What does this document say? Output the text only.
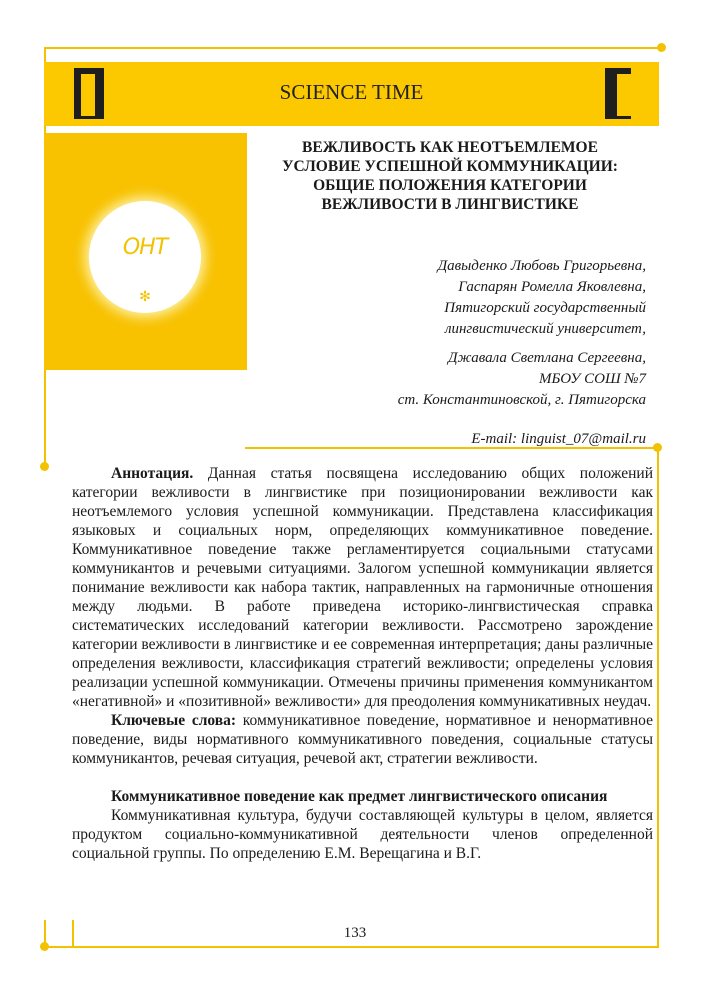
SCIENCE TIME
ОНТ
✻
ВЕЖЛИВОСТЬ КАК НЕОТЪЕМЛЕМОЕ
УСЛОВИЕ УСПЕШНОЙ КОММУНИКАЦИИ:
ОБЩИЕ ПОЛОЖЕНИЯ КАТЕГОРИИ
ВЕЖЛИВОСТИ В ЛИНГВИСТИКЕ
Давыденко Любовь Григорьевна,
Гаспарян Ромелла Яковлевна,
Пятигорский государственный
лингвистический университет,
Джавала Светлана Сергеевна,
МБОУ СОШ №7
ст. Константиновской, г. Пятигорска
E-mail: linguist_07@mail.ru

Аннотация. Данная статья посвящена исследованию общих положений категории вежливости в лингвистике при позиционировании вежливости как неотъемлемого условия успешной коммуникации. Представлена классификация языковых и социальных норм, определяющих коммуникативное поведение. Коммуникативное поведение также регламентируется социальными статусами коммуникантов и речевыми ситуациями. Залогом успешной коммуникации является понимание вежливости как набора тактик, направленных на гармоничные отношения между людьми. В работе приведена историко-лингвистическая справка систематических исследований категории вежливости. Рассмотрено зарождение категории вежливости в лингвистике и ее современная интерпретация; даны различные определения вежливости, классификация стратегий вежливости; определены условия реализации успешной коммуникации. Отмечены причины применения коммуникантом «негативной» и «позитивной» вежливости» для преодоления коммуникативных неудач.

Ключевые слова: коммуникативное поведение, нормативное и ненормативное поведение, виды нормативного коммуникативного поведения, социальные статусы коммуникантов, речевая ситуация, речевой акт, стратегии вежливости.

Коммуникативное поведение как предмет лингвистического описания

Коммуникативная культура, будучи составляющей культуры в целом, является продуктом социально-коммуникативной деятельности членов определенной социальной группы. По определению Е.М. Верещагина и В.Г.

133
